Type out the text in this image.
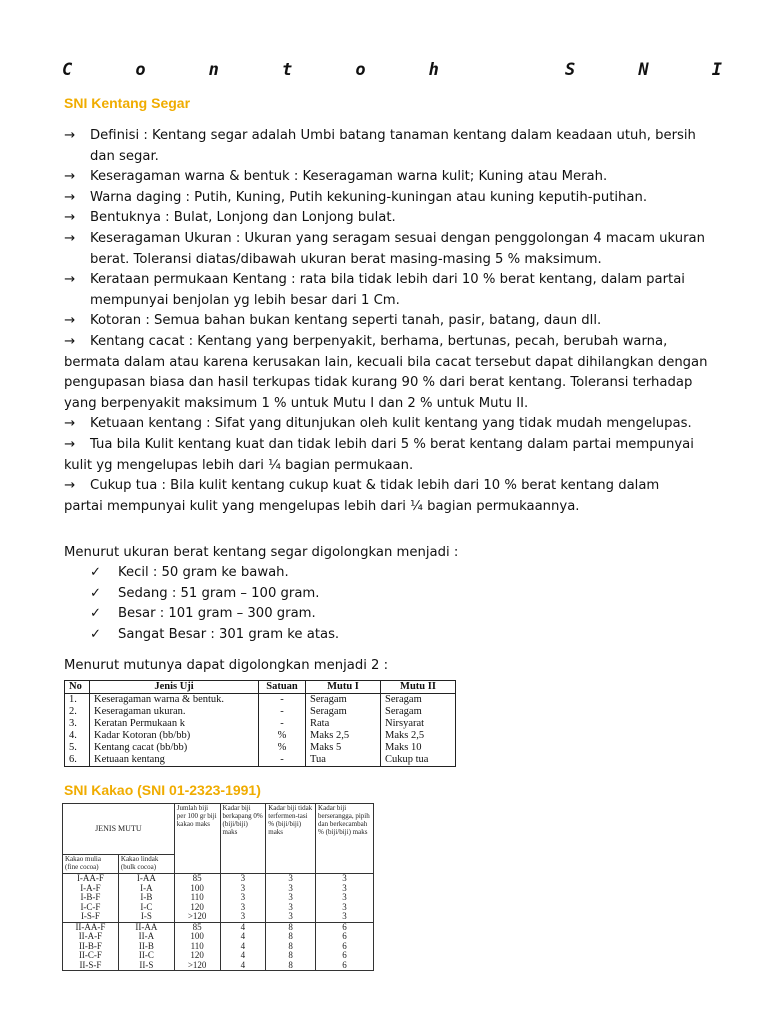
C	o	n	t	o	h	S	N	I
SNI Kentang Segar
→ Definisi : Kentang segar adalah Umbi batang tanaman kentang dalam keadaan utuh, bersih
dan segar.
→ Keseragaman warna & bentuk : Keseragaman warna kulit; Kuning atau Merah.
→ Warna daging : Putih, Kuning, Putih kekuning-kuningan atau kuning keputih-putihan.
→ Bentuknya : Bulat, Lonjong dan Lonjong bulat.
→ Keseragaman Ukuran : Ukuran yang seragam sesuai dengan penggolongan 4 macam ukuran
berat. Toleransi diatas/dibawah ukuran berat masing-masing 5 % maksimum.
→ Kerataan permukaan Kentang : rata bila tidak lebih dari 10 % berat kentang, dalam partai
mempunyai benjolan yg lebih besar dari 1 Cm.
→ Kotoran : Semua bahan bukan kentang seperti tanah, pasir, batang, daun dll.
→ Kentang cacat : Kentang yang berpenyakit, berhama, bertunas, pecah, berubah warna,
bermata dalam atau karena kerusakan lain, kecuali bila cacat tersebut dapat dihilangkan dengan
pengupasan biasa dan hasil terkupas tidak kurang 90 % dari berat kentang. Toleransi terhadap
yang berpenyakit maksimum 1 % untuk Mutu I dan 2 % untuk Mutu II.
→ Ketuaan kentang : Sifat yang ditunjukan oleh kulit kentang yang tidak mudah mengelupas.
→ Tua bila Kulit kentang kuat dan tidak lebih dari 5 % berat kentang dalam partai mempunyai
kulit yg mengelupas lebih dari ¼ bagian permukaan.
→ Cukup tua : Bila kulit kentang cukup kuat & tidak lebih dari 10 % berat kentang dalam
partai mempunyai kulit yang mengelupas lebih dari ¼ bagian permukaannya.
Menurut ukuran berat kentang segar digolongkan menjadi :
✓ Kecil : 50 gram ke bawah.
✓ Sedang : 51 gram – 100 gram.
✓ Besar : 101 gram – 300 gram.
✓ Sangat Besar : 301 gram ke atas.
Menurut mutunya dapat digolongkan menjadi 2 :
No	Jenis Uji	Satuan	Mutu I	Mutu II
1.	Keseragaman warna & bentuk.	-	Seragam	Seragam
2.	Keseragaman ukuran.	-	Seragam	Seragam
3.	Keratan Permukaan k	-	Rata	Nirsyarat
4.	Kadar Kotoran (bb/bb)	%	Maks 2,5	Maks 2,5
5.	Kentang cacat (bb/bb)	%	Maks 5	Maks 10
6.	Ketuaan kentang	-	Tua	Cukup tua
SNI Kakao (SNI 01-2323-1991)
JENIS MUTU		Jumlah biji per 100 gr biji kakao maks	Kadar biji berkapang 0% (biji/biji) maks	Kadar biji tidak terfermen-tasi % (biji/biji) maks	Kadar biji berserangga, pipih dan berkecambah % (biji/biji) maks
Kakao mulia (fine cocoa)	Kakao lindak (bulk cocoa)				
I-AA-F	I-AA	85	3	3	3
I-A-F	I-A	100	3	3	3
I-B-F	I-B	110	3	3	3
I-C-F	I-C	120	3	3	3
I-S-F	I-S	>120	3	3	3
II-AA-F	II-AA	85	4	8	6
II-A-F	II-A	100	4	8	6
II-B-F	II-B	110	4	8	6
II-C-F	II-C	120	4	8	6
II-S-F	II-S	>120	4	8	6
